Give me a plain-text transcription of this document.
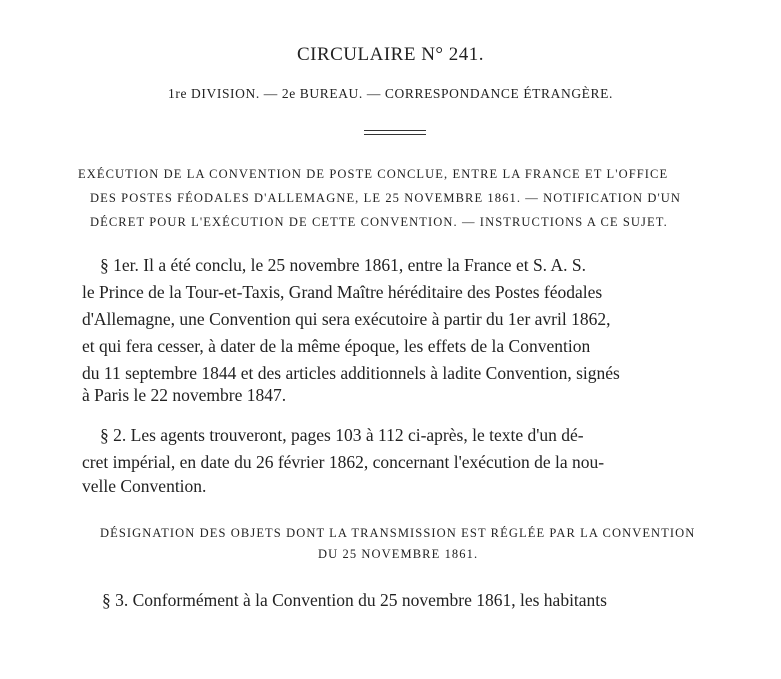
CIRCULAIRE N° 241.
1re DIVISION. — 2e BUREAU. — CORRESPONDANCE ÉTRANGÈRE.
EXÉCUTION DE LA CONVENTION DE POSTE CONCLUE, ENTRE LA FRANCE ET L'OFFICE
DES POSTES FÉODALES D'ALLEMAGNE, LE 25 NOVEMBRE 1861. — NOTIFICATION D'UN
DÉCRET POUR L'EXÉCUTION DE CETTE CONVENTION. — INSTRUCTIONS A CE SUJET.
§ 1er. Il a été conclu, le 25 novembre 1861, entre la France et S. A. S.
le Prince de la Tour-et-Taxis, Grand Maître héréditaire des Postes féodales
d'Allemagne, une Convention qui sera exécutoire à partir du 1er avril 1862,
et qui fera cesser, à dater de la même époque, les effets de la Convention
du 11 septembre 1844 et des articles additionnels à ladite Convention, signés
à Paris le 22 novembre 1847.
§ 2. Les agents trouveront, pages 103 à 112 ci-après, le texte d'un dé-
cret impérial, en date du 26 février 1862, concernant l'exécution de la nou-
velle Convention.
DÉSIGNATION DES OBJETS DONT LA TRANSMISSION EST RÉGLÉE PAR LA CONVENTION
DU 25 NOVEMBRE 1861.
§ 3. Conformément à la Convention du 25 novembre 1861, les habitants
